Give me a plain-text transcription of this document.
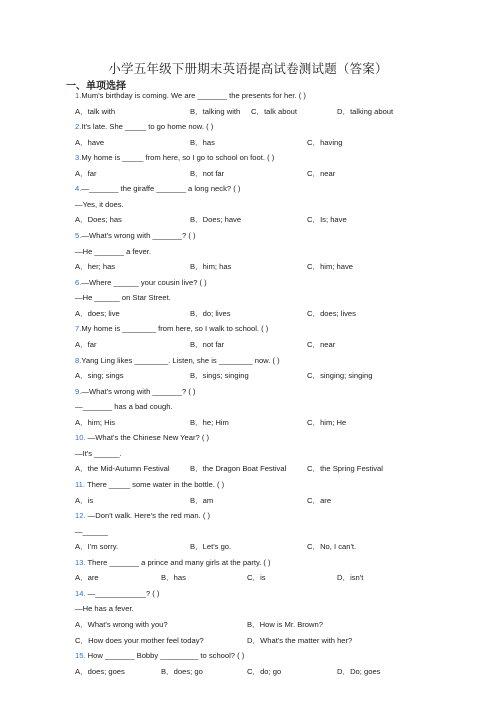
小学五年级下册期末英语提高试卷测试题（答案）
一、单项选择
1.Mum's birthday is coming. We are _______ the presents for her. ( )
A．talk with	B．talking with C．talk about	D．talking about
2.It's late. She _____ to go home now. ( )
A．have	B．has	C．having
3.My home is _____ from here, so I go to school on foot. ( )
A．far	B．not far	C．near
4.—_______ the giraffe _______ a long neck? ( )
—Yes, it does.
A．Does; has	B．Does; have	C．Is; have
5.—What's wrong with _______? ( )
—He _______ a fever.
A．her; has	B．him; has	C．him; have
6.—Where ______ your cousin live? ( )
—He ______ on Star Street.
A．does; live	B．do; lives	C．does; lives
7.My home is ________ from here, so I walk to school. ( )
A．far	B．not far	C．near
8.Yang Ling likes ________. Listen, she is ________ now. ( )
A．sing; sings	B．sings; singing	C．singing; singing
9.—What's wrong with _______? ( )
—_______ has a bad cough.
A．him; His	B．he; Him	C．him; He
10. —What's the Chinese New Year? ( )
—It's ______.
A．the Mid-Autumn Festival	B．the Dragon Boat Festival	C．the Spring Festival
11. There _____ some water in the bottle. ( )
A．is	B．am	C．are
12. —Don't walk. Here's the red man. ( )
—______
A．I'm sorry.	B．Let's go.	C．No, I can't.
13. There _______ a prince and many girls at the party. ( )
A．are	B．has	C．is	D．isn't
14. —____________? ( )
—He has a fever.
A．What's wrong with you?	B．How is Mr. Brown?
C．How does your mother feel today?	D．What's the matter with her?
15. How _______ Bobby _________ to school? ( )
A．does; goes	B．does; go	C．do; go	D．Do; goes
